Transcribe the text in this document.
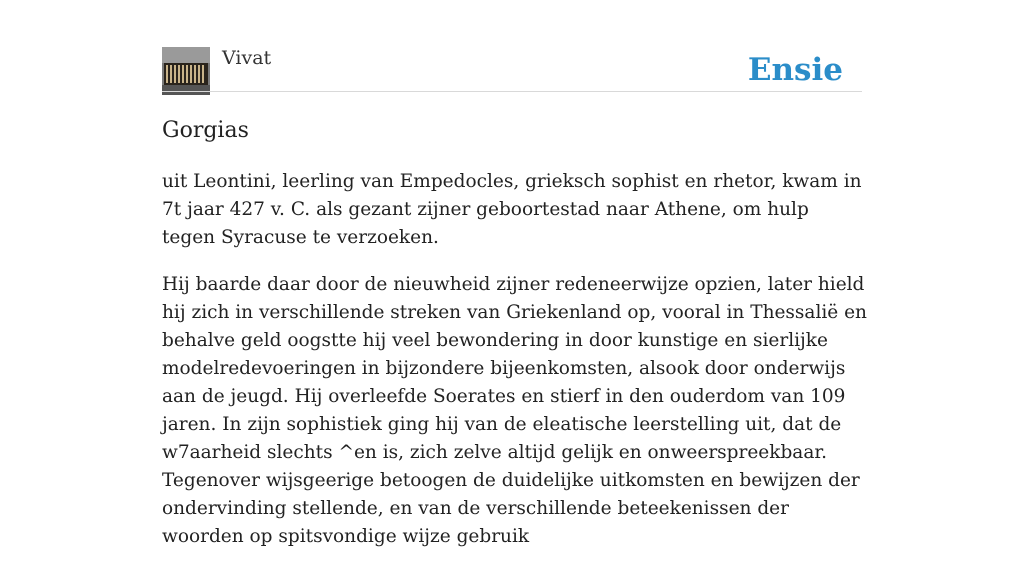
Vivat	Ensie
Gorgias

uit Leontini, leerling van Empedocles, grieksch sophist en rhetor, kwam in 7t jaar 427 v. C. als gezant zijner geboortestad naar Athene, om hulp tegen Syracuse te verzoeken.

Hij baarde daar door de nieuwheid zijner redeneerwijze opzien, later hield hij zich in verschillende streken van Griekenland op, vooral in Thessalië en behalve geld oogstte hij veel bewondering in door kunstige en sierlijke modelredevoeringen in bijzondere bijeenkomsten, alsook door onderwijs aan de jeugd. Hij overleefde Soerates en stierf in den ouderdom van 109 jaren. In zijn sophistiek ging hij van de eleatische leerstelling uit, dat de w7aarheid slechts ^en is, zich zelve altijd gelijk en onweerspreekbaar. Tegenover wijsgeerige betoogen de duidelijke uitkomsten en bewijzen der ondervinding stellende, en van de verschillende beteekenissen der woorden op spitsvondige wijze gebruik
